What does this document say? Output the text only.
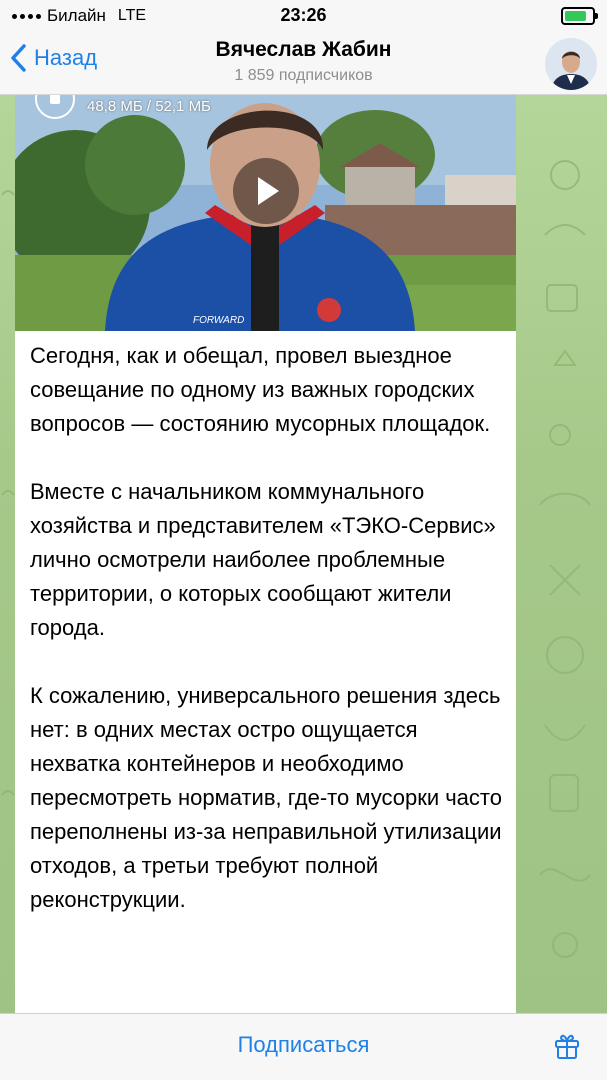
Билайн LTE	23:26
Назад	Вячеслав Жабин
1 859 подписчиков
FORWARD
48,8 МБ / 52,1 МБ
Сегодня, как и обещал, провел выездное совещание по одному из важных городских вопросов — состоянию мусорных площадок.

Вместе с начальником коммунального хозяйства и представителем «ТЭКО-Сервис» лично осмотрели наиболее проблемные территории, о которых сообщают жители города.

К сожалению, универсального решения здесь нет: в одних местах остро ощущается нехватка контейнеров и необходимо пересмотреть норматив, где-то мусорки часто переполнены из-за неправильной утилизации отходов, а третьи требуют полной реконструкции.
Подписаться
